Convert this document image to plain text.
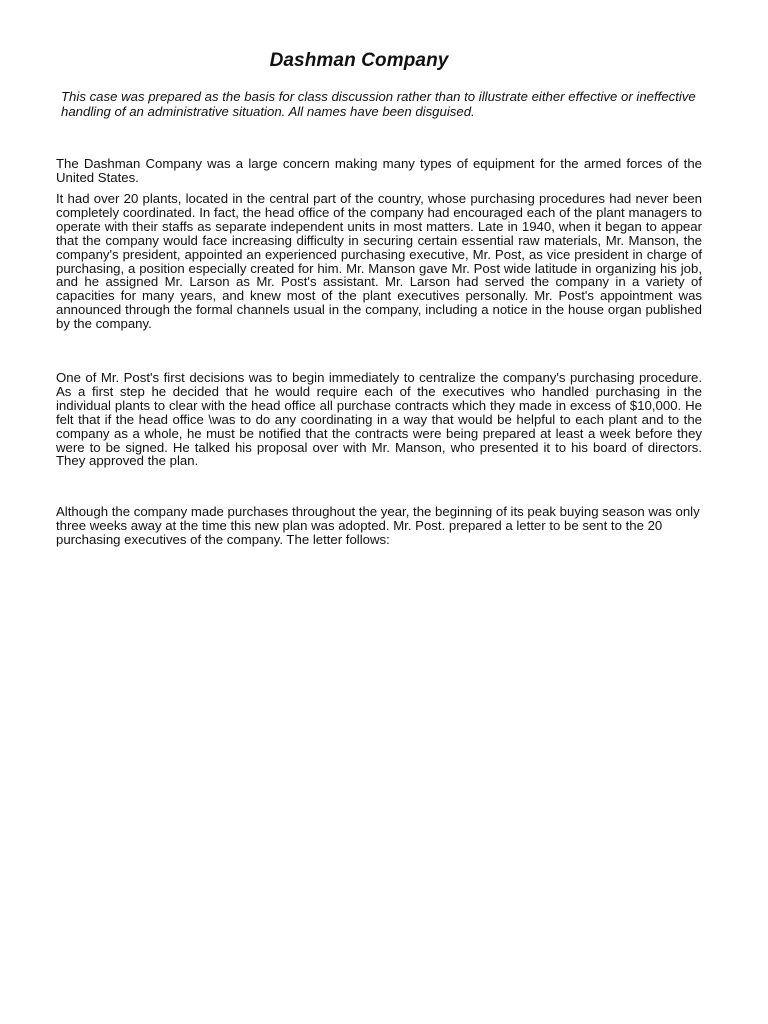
Dashman Company

This case was prepared as the basis for class discussion rather than to illustrate either effective or ineffective handling of an administrative situation. All names have been disguised.

The Dashman Company was a large concern making many types of equipment for the armed forces of the United States.

It had over 20 plants, located in the central part of the country, whose purchasing procedures had never been completely coordinated. In fact, the head office of the company had encouraged each of the plant managers to operate with their staffs as separate independent units in most matters. Late in 1940, when it began to appear that the company would face increasing difficulty in securing certain essential raw materials, Mr. Manson, the company's president, appointed an experienced purchasing executive, Mr. Post, as vice president in charge of purchasing, a position especially created for him. Mr. Manson gave Mr. Post wide latitude in organizing his job, and he assigned Mr. Larson as Mr. Post's assistant. Mr. Larson had served the company in a variety of capacities for many years, and knew most of the plant executives personally. Mr. Post's appointment was announced through the formal channels usual in the company, including a notice in the house organ published by the company.

One of Mr. Post's first decisions was to begin immediately to centralize the company's purchasing procedure. As a first step he decided that he would require each of the executives who handled purchasing in the individual plants to clear with the head office all purchase contracts which they made in excess of $10,000. He felt that if the head office \was to do any coordinating in a way that would be helpful to each plant and to the company as a whole, he must be notified that the contracts were being prepared at least a week before they were to be signed. He talked his proposal over with Mr. Manson, who presented it to his board of directors. They approved the plan.

Although the company made purchases throughout the year, the beginning of its peak buying season was only three weeks away at the time this new plan was adopted. Mr. Post. prepared a letter to be sent to the 20 purchasing executives of the company. The letter follows:
